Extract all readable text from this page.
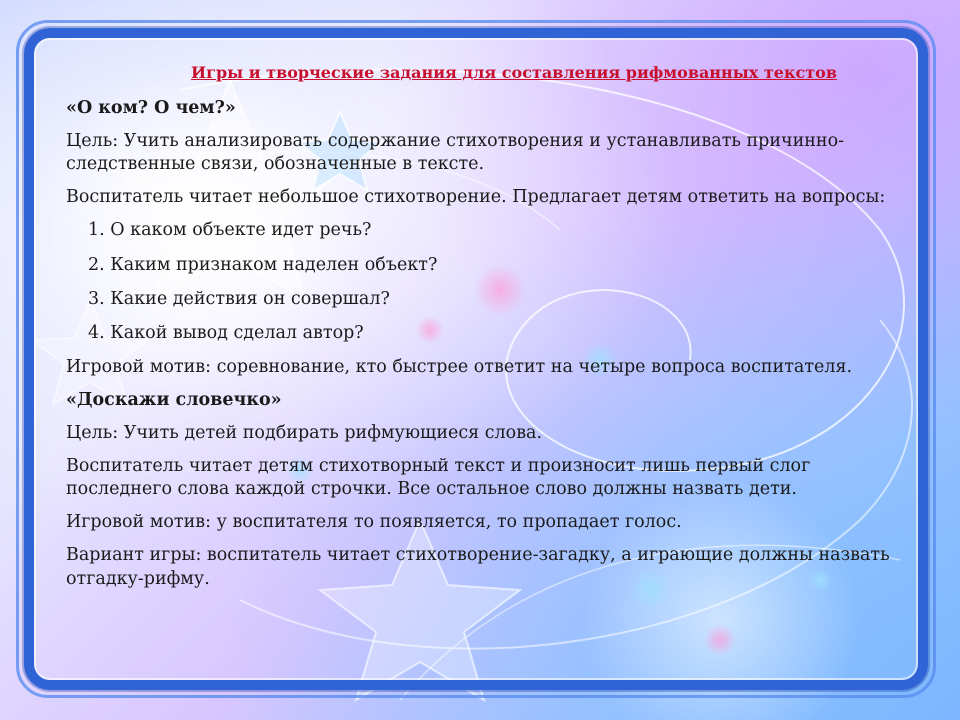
Игры и творческие задания для составления рифмованных текстов
«О ком? О чем?»
Цель: Учить анализировать содержание стихотворения и устанавливать причинно-следственные связи, обозначенные в тексте.
Воспитатель читает небольшое стихотворение. Предлагает детям ответить на вопросы:
1. О каком объекте идет речь?
2. Каким признаком наделен объект?
3. Какие действия он совершал?
4. Какой вывод сделал автор?
Игровой мотив: соревнование, кто быстрее ответит на четыре вопроса воспитателя.
«Доскажи словечко»
Цель: Учить детей подбирать рифмующиеся слова.
Воспитатель читает детям стихотворный текст и произносит лишь первый слог последнего слова каждой строчки. Все остальное слово должны назвать дети.
Игровой мотив: у воспитателя то появляется, то пропадает голос.
Вариант игры: воспитатель читает стихотворение-загадку, а играющие должны назвать отгадку-рифму.
